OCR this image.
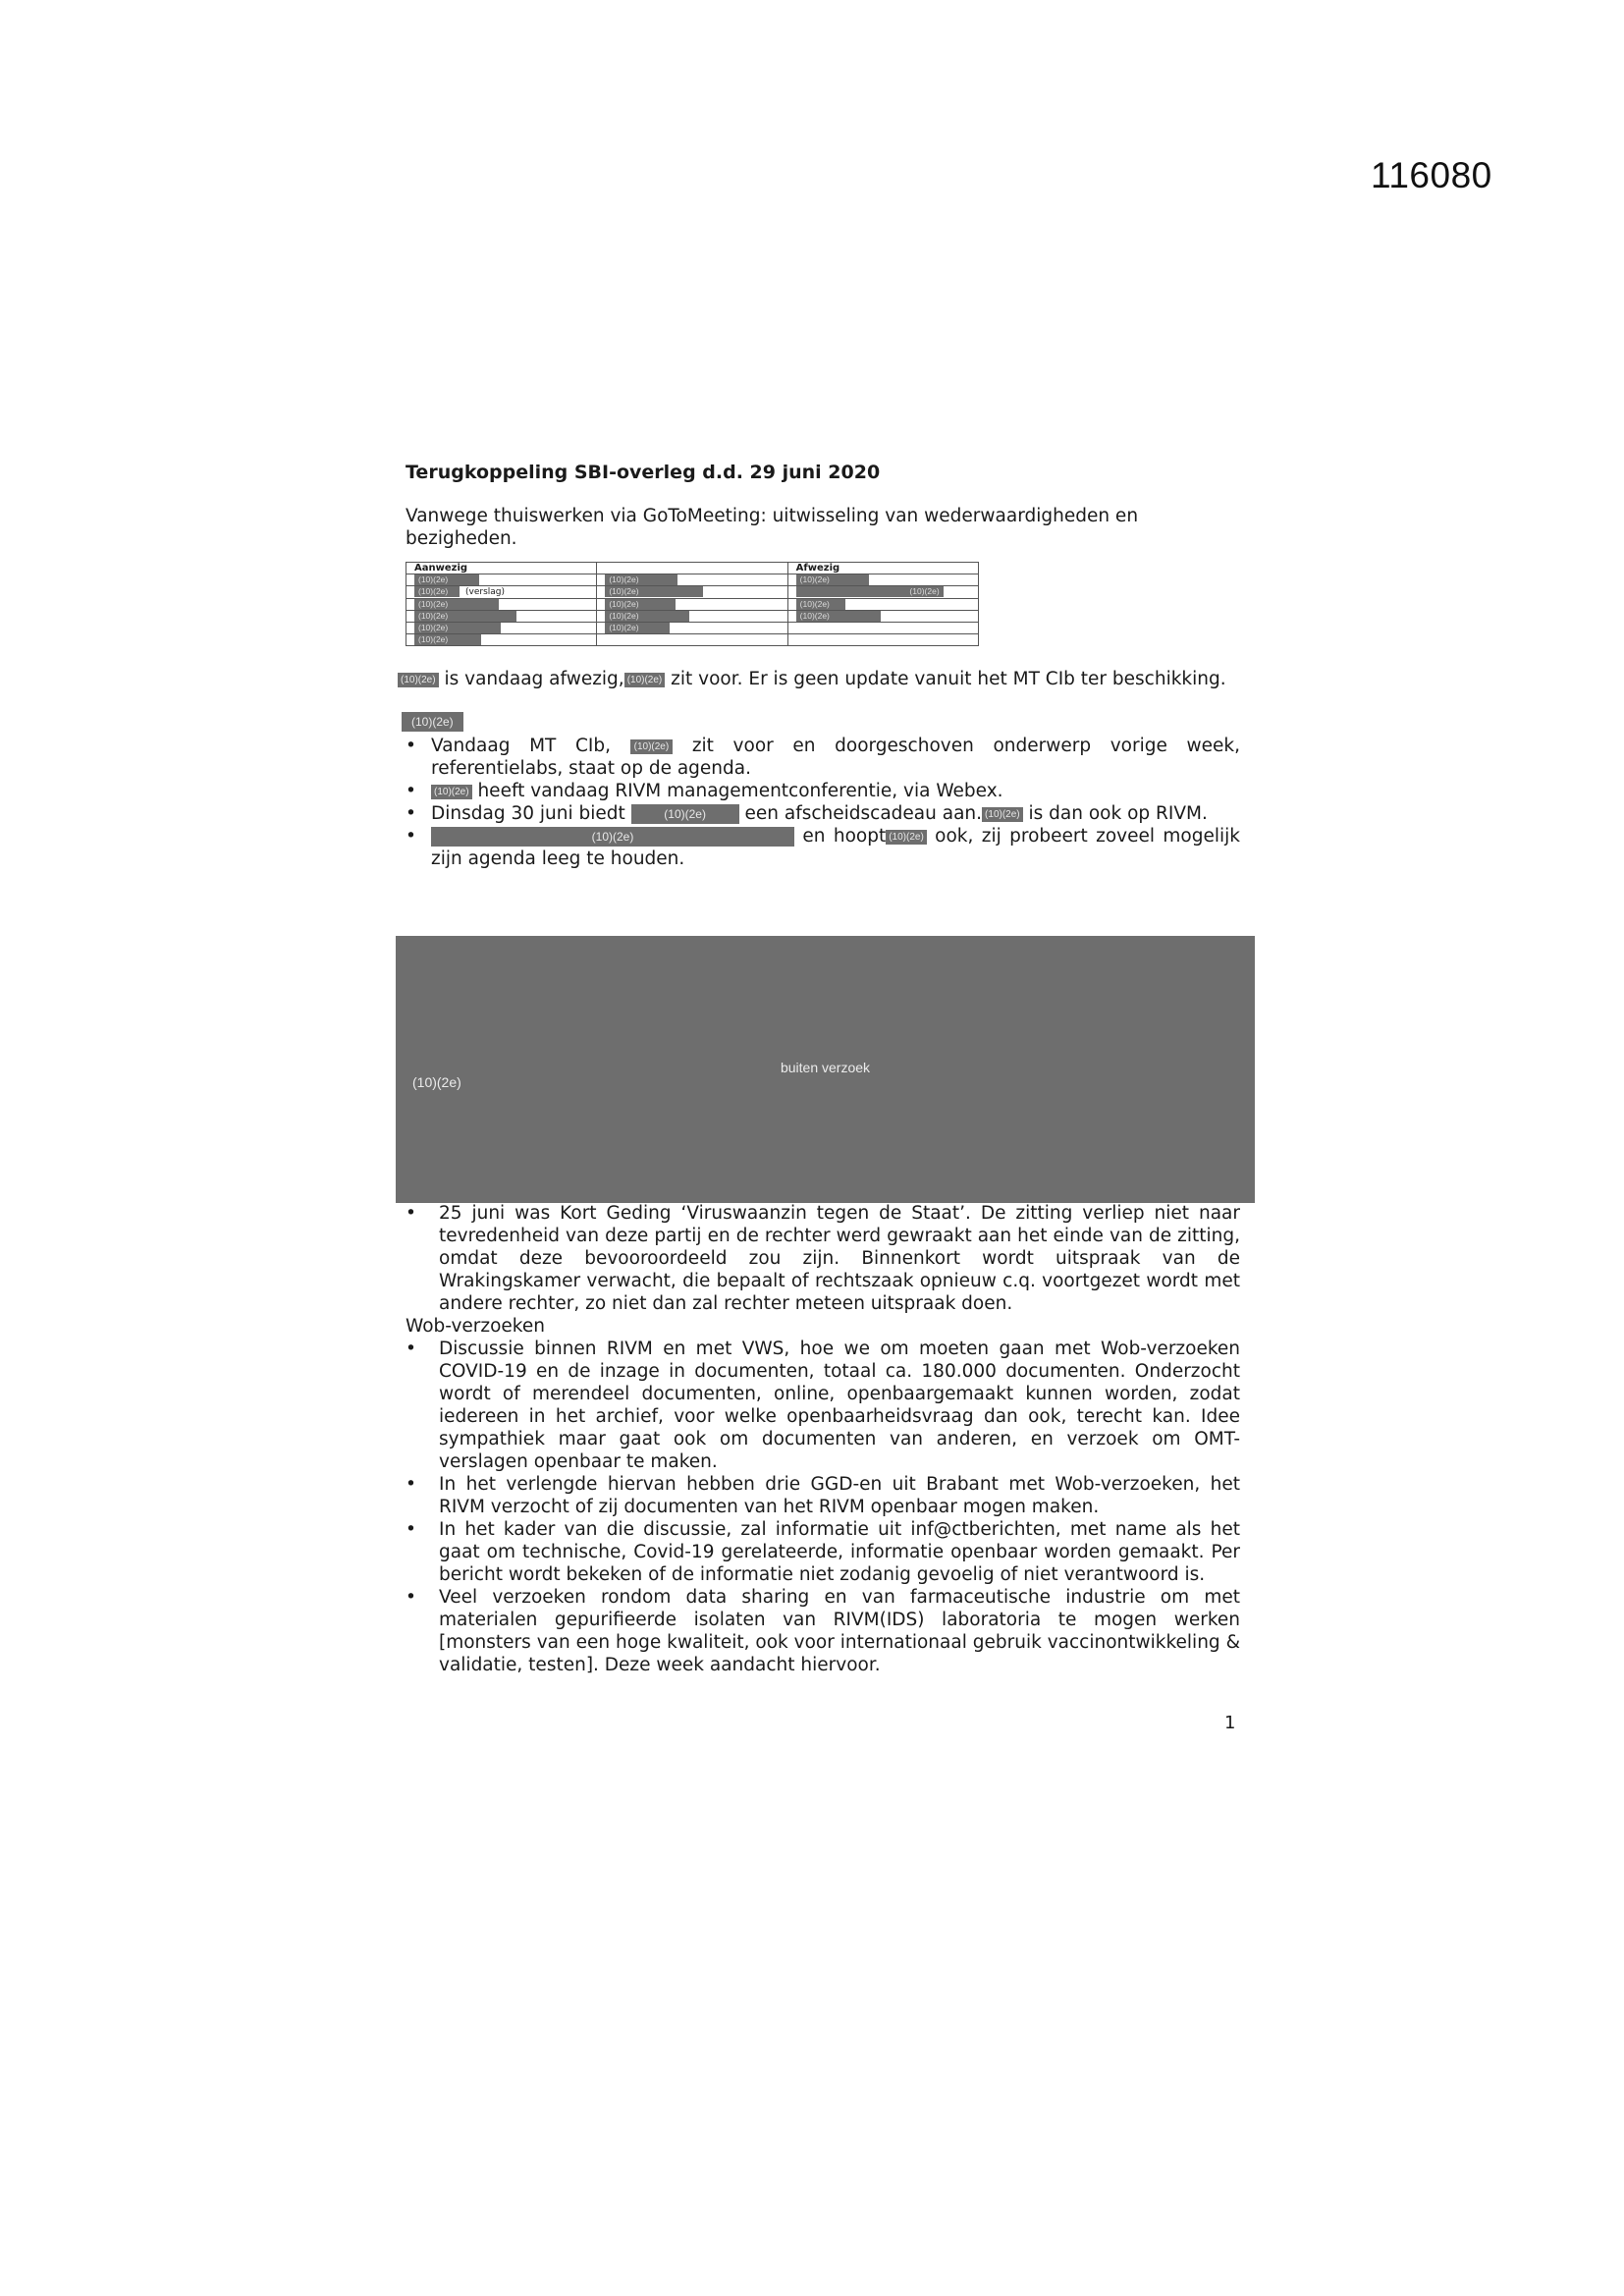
116080

Terugkoppeling SBI-overleg d.d. 29 juni 2020

Vanwege thuiswerken via GoToMeeting: uitwisseling van wederwaardigheden en bezigheden.

Aanwezig		Afwezig
(10)(2e)	(10)(2e)	(10)(2e)
(10)(2e) (verslag)	(10)(2e)	(10)(2e)
(10)(2e)	(10)(2e)	(10)(2e)
(10)(2e)	(10)(2e)	(10)(2e)
(10)(2e)	(10)(2e)	
(10)(2e)		

(10)(2e) is vandaag afwezig, (10)(2e) zit voor. Er is geen update vanuit het MT CIb ter beschikking.

(10)(2e)
• Vandaag MT CIb, (10)(2e) zit voor en doorgeschoven onderwerp vorige week, referentielabs, staat op de agenda.
• (10)(2e) heeft vandaag RIVM managementconferentie, via Webex.
• Dinsdag 30 juni biedt	(10)(2e) een afscheidscadeau aan. (10)(2e) is dan ook op RIVM.
• (10)(2e)	en hoopt (10)(2e) ook, zij probeert zoveel mogelijk zijn agenda leeg te houden.
buiten verzoek
(10)(2e)
• 25 juni was Kort Geding ‘Viruswaanzin tegen de Staat’. De zitting verliep niet naar tevredenheid van deze partij en de rechter werd gewraakt aan het einde van de zitting, omdat deze bevooroordeeld zou zijn. Binnenkort wordt uitspraak van de Wrakingskamer verwacht, die bepaalt of rechtszaak opnieuw c.q. voortgezet wordt met andere rechter, zo niet dan zal rechter meteen uitspraak doen.
Wob-verzoeken
• Discussie binnen RIVM en met VWS, hoe we om moeten gaan met Wob-verzoeken COVID-19 en de inzage in documenten, totaal ca. 180.000 documenten. Onderzocht wordt of merendeel documenten, online, openbaargemaakt kunnen worden, zodat iedereen in het archief, voor welke openbaarheidsvraag dan ook, terecht kan. Idee sympathiek maar gaat ook om documenten van anderen, en verzoek om OMT-verslagen openbaar te maken.
• In het verlengde hiervan hebben drie GGD-en uit Brabant met Wob-verzoeken, het RIVM verzocht of zij documenten van het RIVM openbaar mogen maken.
• In het kader van die discussie, zal informatie uit inf@ctberichten, met name als het gaat om technische, Covid-19 gerelateerde, informatie openbaar worden gemaakt. Per bericht wordt bekeken of de informatie niet zodanig gevoelig of niet verantwoord is.
• Veel verzoeken rondom data sharing en van farmaceutische industrie om met materialen gepurifieerde isolaten van RIVM(IDS) laboratoria te mogen werken [monsters van een hoge kwaliteit, ook voor internationaal gebruik vaccinontwikkeling & validatie, testen]. Deze week aandacht hiervoor.
1
